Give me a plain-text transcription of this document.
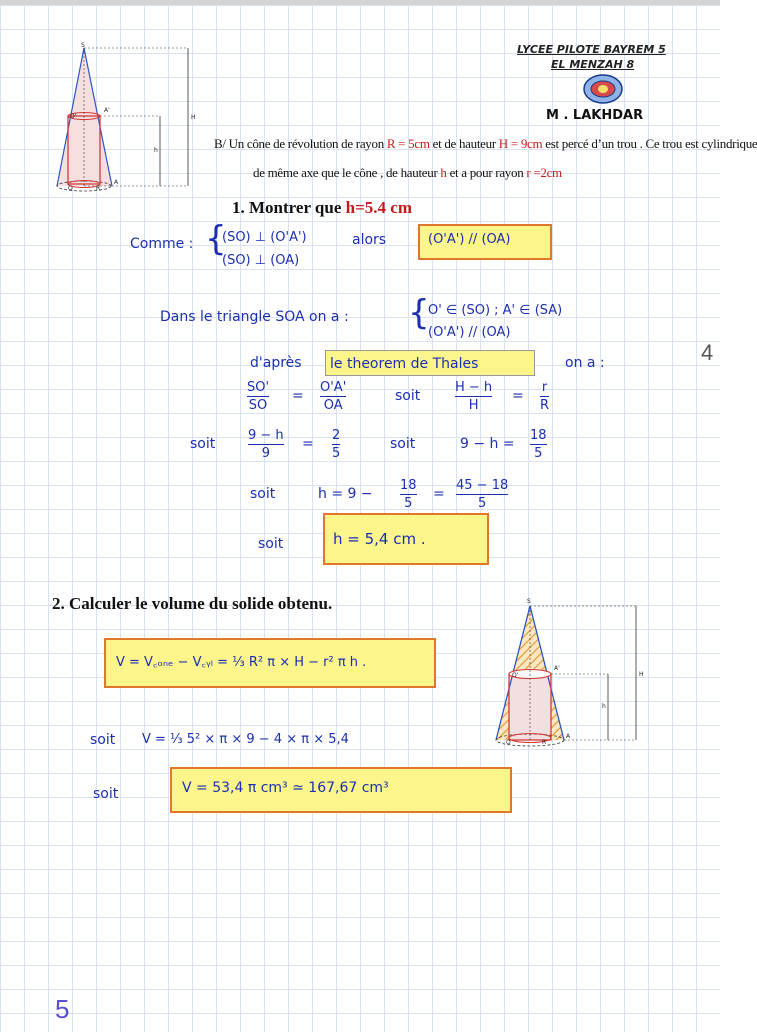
S
A'
O'
O	R
A
H
h
LYCEE PILOTE BAYREM 5
EL MENZAH 8
M . LAKHDAR
B/ Un cône de révolution de rayon R = 5cm et de hauteur H = 9cm est percé d’un trou . Ce trou est cylindrique
de même axe que le cône , de hauteur h et a pour rayon r =2cm
1. Montrer que h=5.4 cm
Comme : {
(SO) ⊥ (O'A')
(SO) ⊥ (OA)
alors	(O'A') // (OA)
Dans le triangle SOA on a : {
O' ∈ (SO) ; A' ∈ (SA)
(O'A') // (OA)
d'après	le theorem de Thales	on a :
SO'
SO
=
O'A'
OA
soit
H − h
H
=
r
R
soit
9 − h
9
=
2
5
soit	9 − h =
18
5
soit	h = 9 −
18
5
=
45 − 18
5
soit	h = 5,4 cm .
4
2. Calculer le volume du solide obtenu.
V = V꜀ₒₙₑ − V꜀ᵧₗ = ⅓ R² π × H − r² π h .
soit V = ⅓ 5² × π × 9 − 4 × π × 5,4
soit	V = 53,4 π cm³ ≃ 167,67 cm³
S
A'
O'
O	R
A
H
h
5
